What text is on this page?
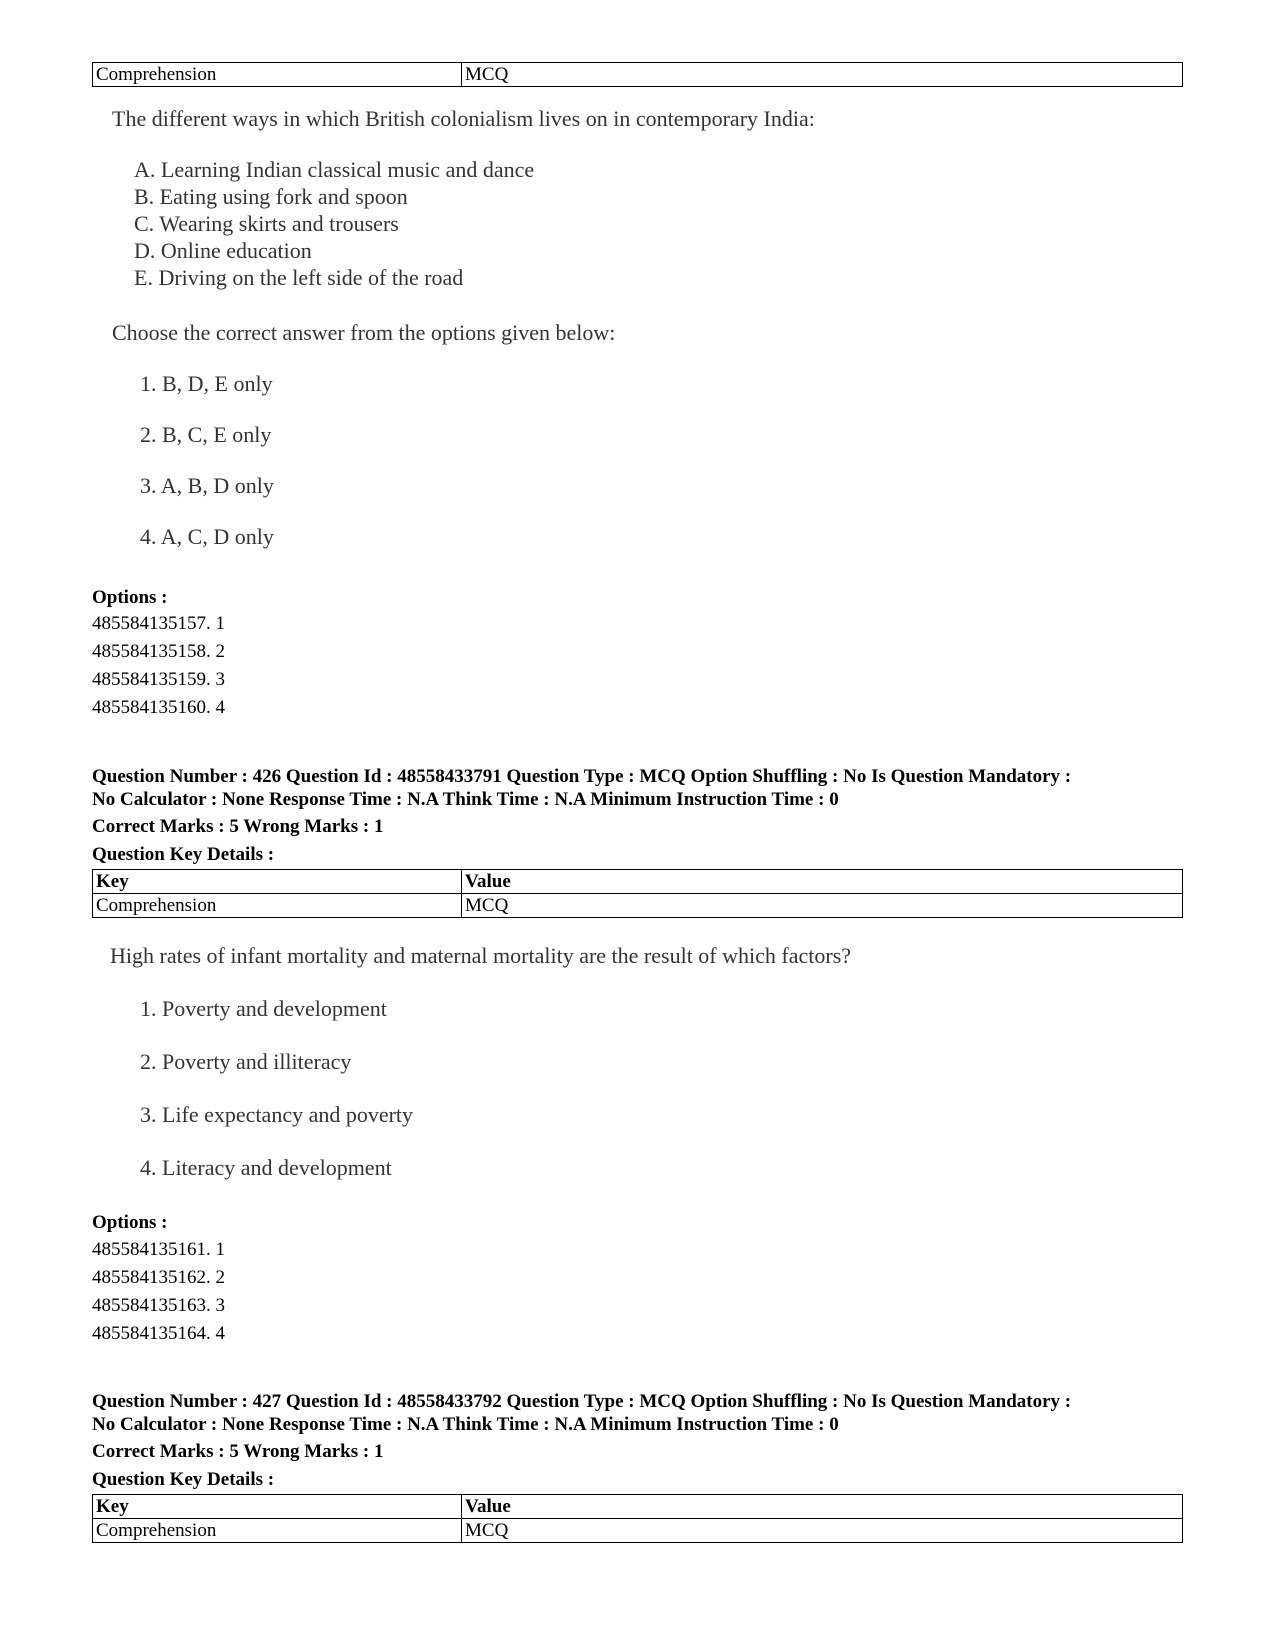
Comprehension	MCQ
The different ways in which British colonialism lives on in contemporary India:
A. Learning Indian classical music and dance
B. Eating using fork and spoon
C. Wearing skirts and trousers
D. Online education
E. Driving on the left side of the road
Choose the correct answer from the options given below:
1. B, D, E only
2. B, C, E only
3. A, B, D only
4. A, C, D only
Options :
485584135157. 1
485584135158. 2
485584135159. 3
485584135160. 4
Question Number : 426 Question Id : 48558433791 Question Type : MCQ Option Shuffling : No Is Question Mandatory :
No Calculator : None Response Time : N.A Think Time : N.A Minimum Instruction Time : 0
Correct Marks : 5 Wrong Marks : 1
Question Key Details :
Key	Value
Comprehension	MCQ
High rates of infant mortality and maternal mortality are the result of which factors?
1. Poverty and development
2. Poverty and illiteracy
3. Life expectancy and poverty
4. Literacy and development
Options :
485584135161. 1
485584135162. 2
485584135163. 3
485584135164. 4
Question Number : 427 Question Id : 48558433792 Question Type : MCQ Option Shuffling : No Is Question Mandatory :
No Calculator : None Response Time : N.A Think Time : N.A Minimum Instruction Time : 0
Correct Marks : 5 Wrong Marks : 1
Question Key Details :
Key	Value
Comprehension	MCQ
